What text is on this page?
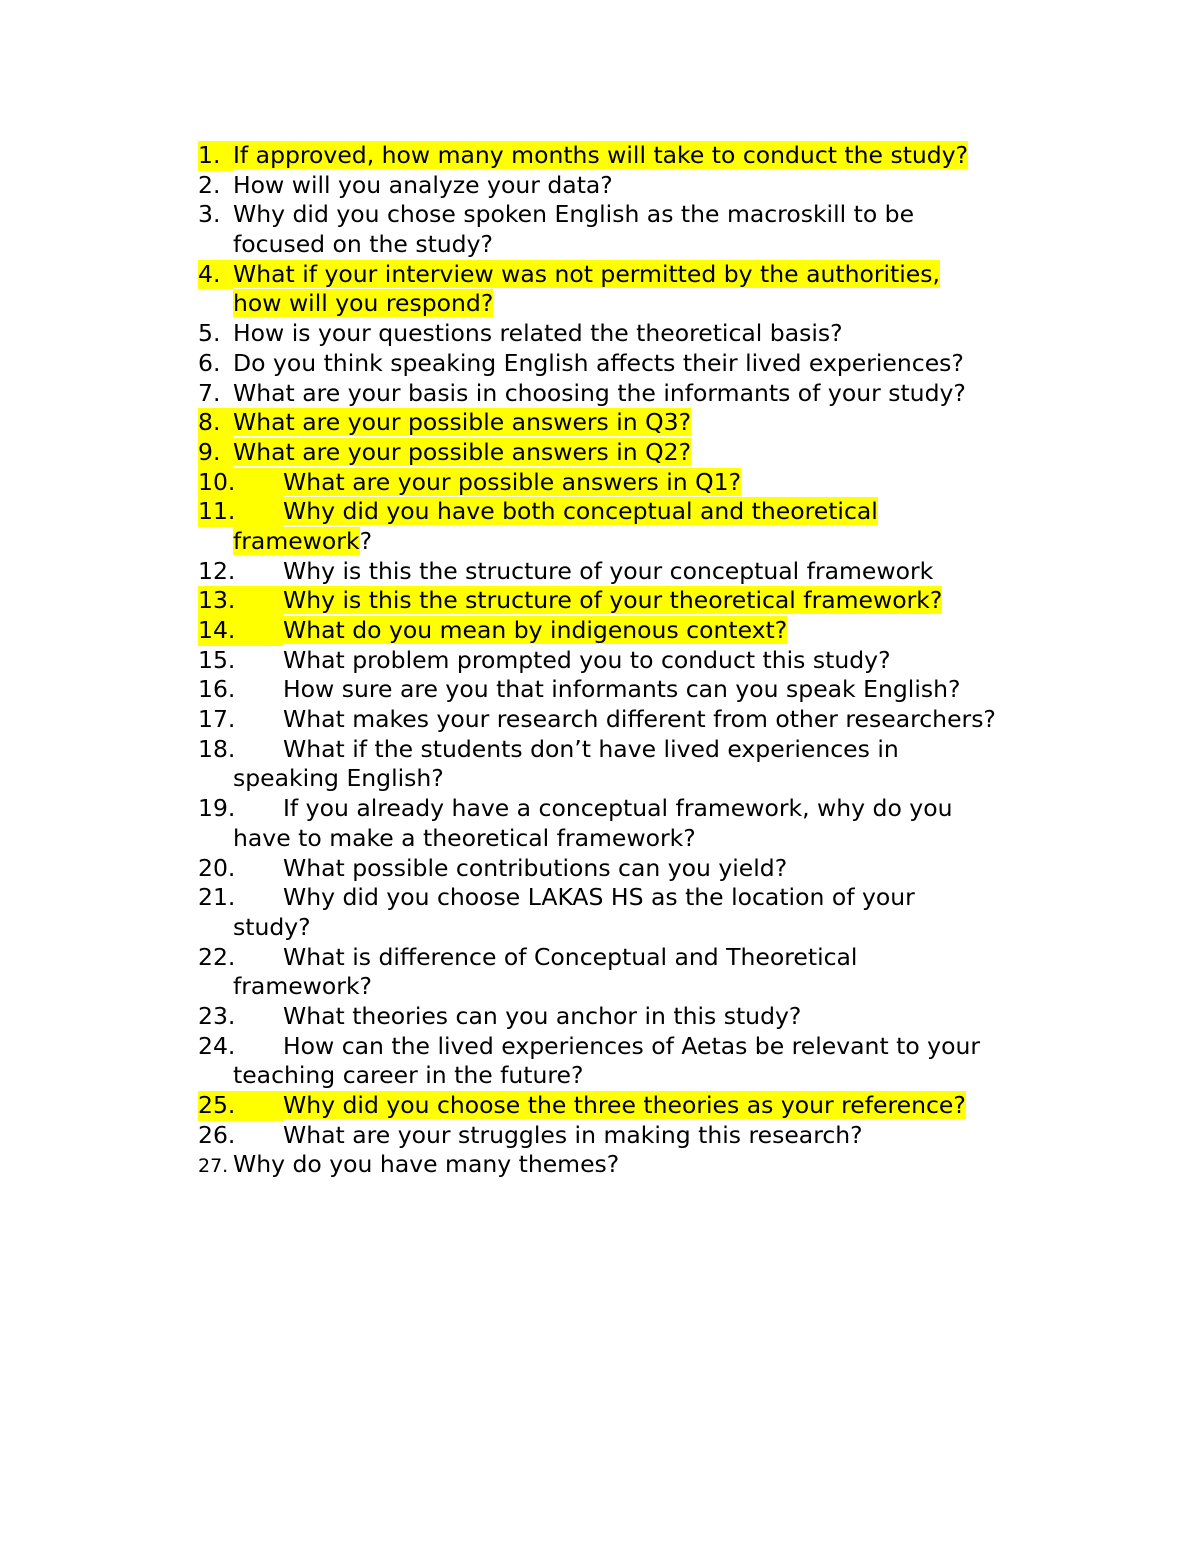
1. If approved, how many months will take to conduct the study?
2. How will you analyze your data?
3. Why did you chose spoken English as the macroskill to be
focused on the study?
4. What if your interview was not permitted by the authorities,
how will you respond?
5. How is your questions related the theoretical basis?
6. Do you think speaking English affects their lived experiences?
7. What are your basis in choosing the informants of your study?
8. What are your possible answers in Q3?
9. What are your possible answers in Q2?
10. What are your possible answers in Q1?
11. Why did you have both conceptual and theoretical
framework?
12. Why is this the structure of your conceptual framework
13. Why is this the structure of your theoretical framework?
14. What do you mean by indigenous context?
15. What problem prompted you to conduct this study?
16. How sure are you that informants can you speak English?
17. What makes your research different from other researchers?
18. What if the students don’t have lived experiences in
speaking English?
19. If you already have a conceptual framework, why do you
have to make a theoretical framework?
20. What possible contributions can you yield?
21. Why did you choose LAKAS HS as the location of your
study?
22. What is difference of Conceptual and Theoretical
framework?
23. What theories can you anchor in this study?
24. How can the lived experiences of Aetas be relevant to your
teaching career in the future?
25. Why did you choose the three theories as your reference?
26. What are your struggles in making this research?
27. Why do you have many themes?
